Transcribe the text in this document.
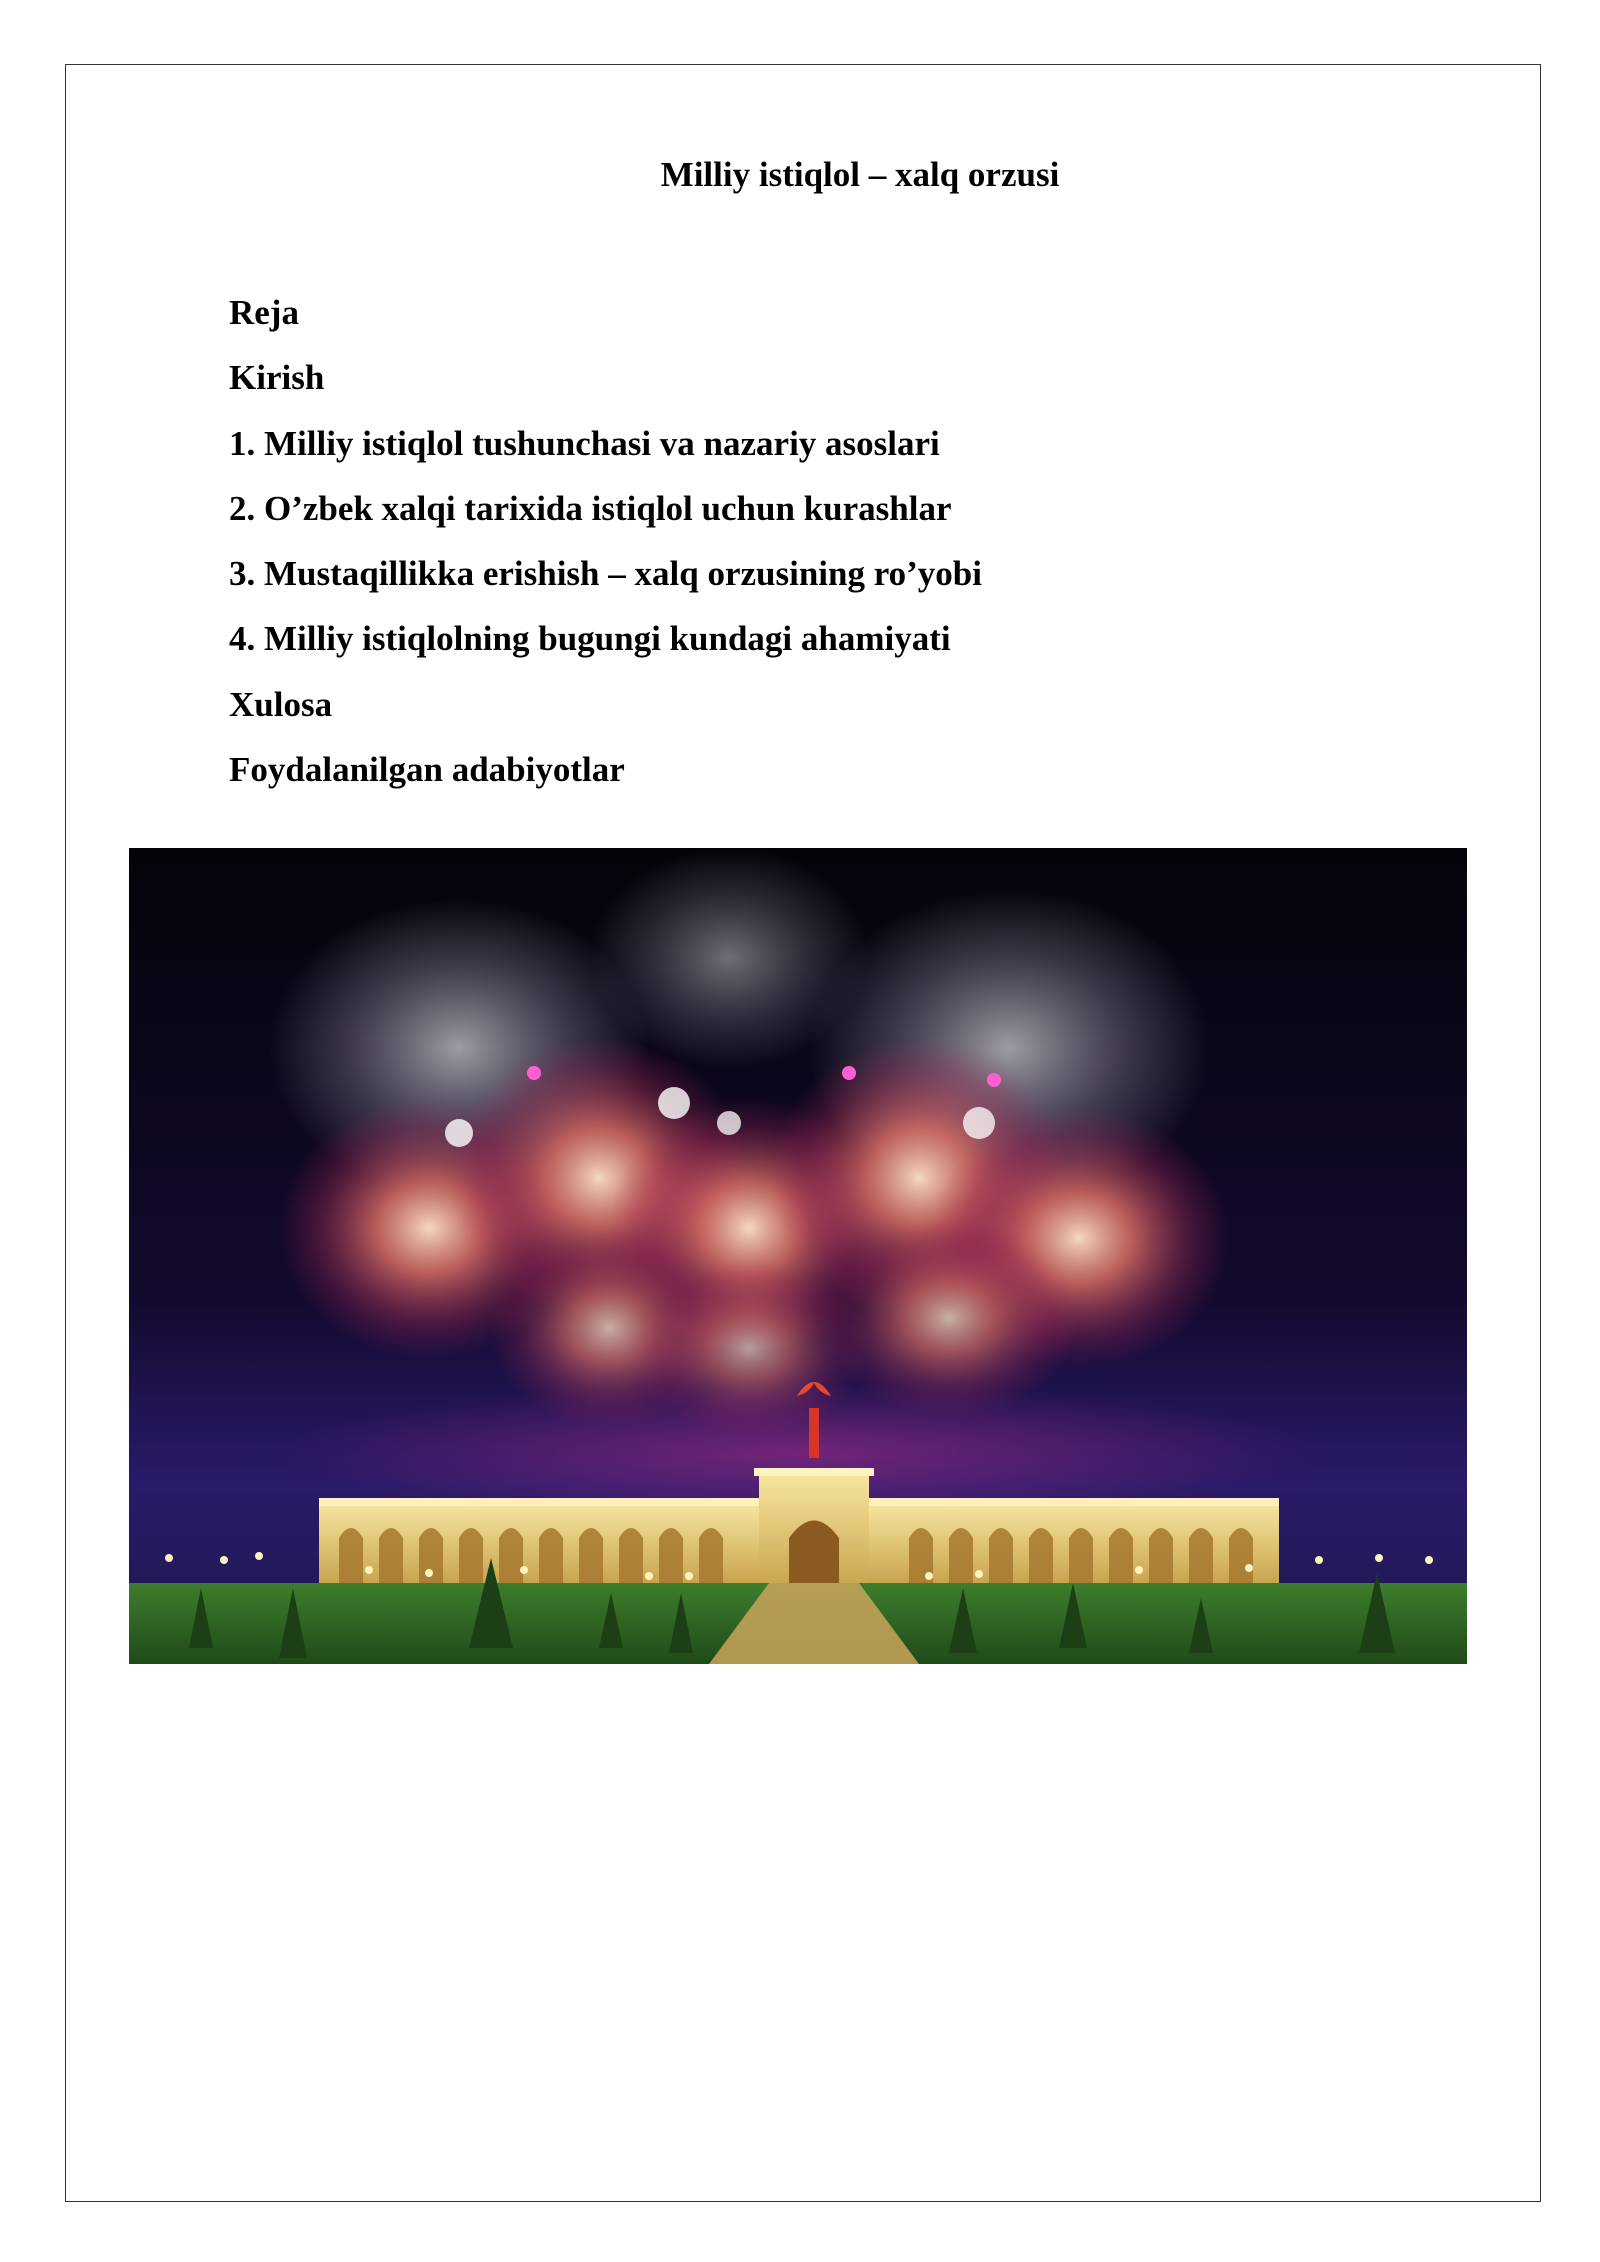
Milliy istiqlol – xalq orzusi
Reja
Kirish
1. Milliy istiqlol tushunchasi va nazariy asoslari
2. O’zbek xalqi tarixida istiqlol uchun kurashlar
3. Mustaqillikka erishish – xalq orzusining ro’yobi
4. Milliy istiqlolning bugungi kundagi ahamiyati
Xulosa
Foydalanilgan adabiyotlar
